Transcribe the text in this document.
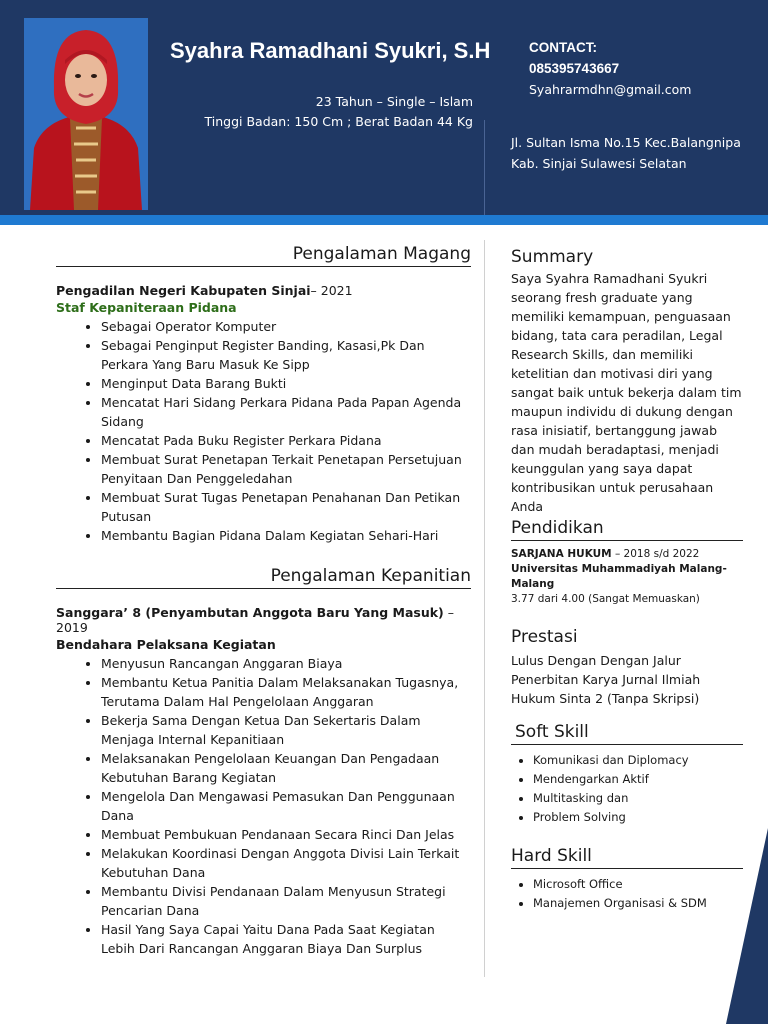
Syahra Ramadhani Syukri, S.H
23 Tahun – Single – Islam
Tinggi Badan: 150 Cm ; Berat Badan 44 Kg
CONTACT:
085395743667
Syahrarmdhn@gmail.com
Jl. Sultan Isma No.15 Kec.Balangnipa
Kab. Sinjai Sulawesi Selatan
Pengalaman Magang
Pengadilan Negeri Kabupaten Sinjai– 2021
Staf Kepaniteraan Pidana
• Sebagai Operator Komputer
• Sebagai Penginput Register Banding, Kasasi,Pk Dan Perkara Yang Baru Masuk Ke Sipp
• Menginput Data Barang Bukti
• Mencatat Hari Sidang Perkara Pidana Pada Papan Agenda Sidang
• Mencatat Pada Buku Register Perkara Pidana
• Membuat Surat Penetapan Terkait Penetapan Persetujuan Penyitaan Dan Penggeledahan
• Membuat Surat Tugas Penetapan Penahanan Dan Petikan Putusan
• Membantu Bagian Pidana Dalam Kegiatan Sehari-Hari
Pengalaman Kepanitian
Sanggara’ 8 (Penyambutan Anggota Baru Yang Masuk) –2019
Bendahara Pelaksana Kegiatan
• Menyusun Rancangan Anggaran Biaya
• Membantu Ketua Panitia Dalam Melaksanakan Tugasnya, Terutama Dalam Hal Pengelolaan Anggaran
• Bekerja Sama Dengan Ketua Dan Sekertaris Dalam Menjaga Internal Kepanitiaan
• Melaksanakan Pengelolaan Keuangan Dan Pengadaan Kebutuhan Barang Kegiatan
• Mengelola Dan Mengawasi Pemasukan Dan Penggunaan Dana
• Membuat Pembukuan Pendanaan Secara Rinci Dan Jelas
• Melakukan Koordinasi Dengan Anggota Divisi Lain Terkait Kebutuhan Dana
• Membantu Divisi Pendanaan Dalam Menyusun Strategi Pencarian Dana
• Hasil Yang Saya Capai Yaitu Dana Pada Saat Kegiatan Lebih Dari Rancangan Anggaran Biaya Dan Surplus
Summary
Saya Syahra Ramadhani Syukri seorang fresh graduate yang memiliki kemampuan, penguasaan bidang, tata cara peradilan, Legal Research Skills, dan memiliki ketelitian dan motivasi diri yang sangat baik untuk bekerja dalam tim maupun individu di dukung dengan rasa inisiatif, bertanggung jawab dan mudah beradaptasi, menjadi keunggulan yang saya dapat kontribusikan untuk perusahaan Anda
Pendidikan
SARJANA HUKUM – 2018 s/d 2022
Universitas Muhammadiyah Malang-Malang
3.77 dari 4.00 (Sangat Memuaskan)
Prestasi
Lulus Dengan Dengan Jalur Penerbitan Karya Jurnal Ilmiah Hukum Sinta 2 (Tanpa Skripsi)
Soft Skill
• Komunikasi dan Diplomacy
• Mendengarkan Aktif
• Multitasking dan
• Problem Solving
Hard Skill
• Microsoft Office
• Manajemen Organisasi & SDM
